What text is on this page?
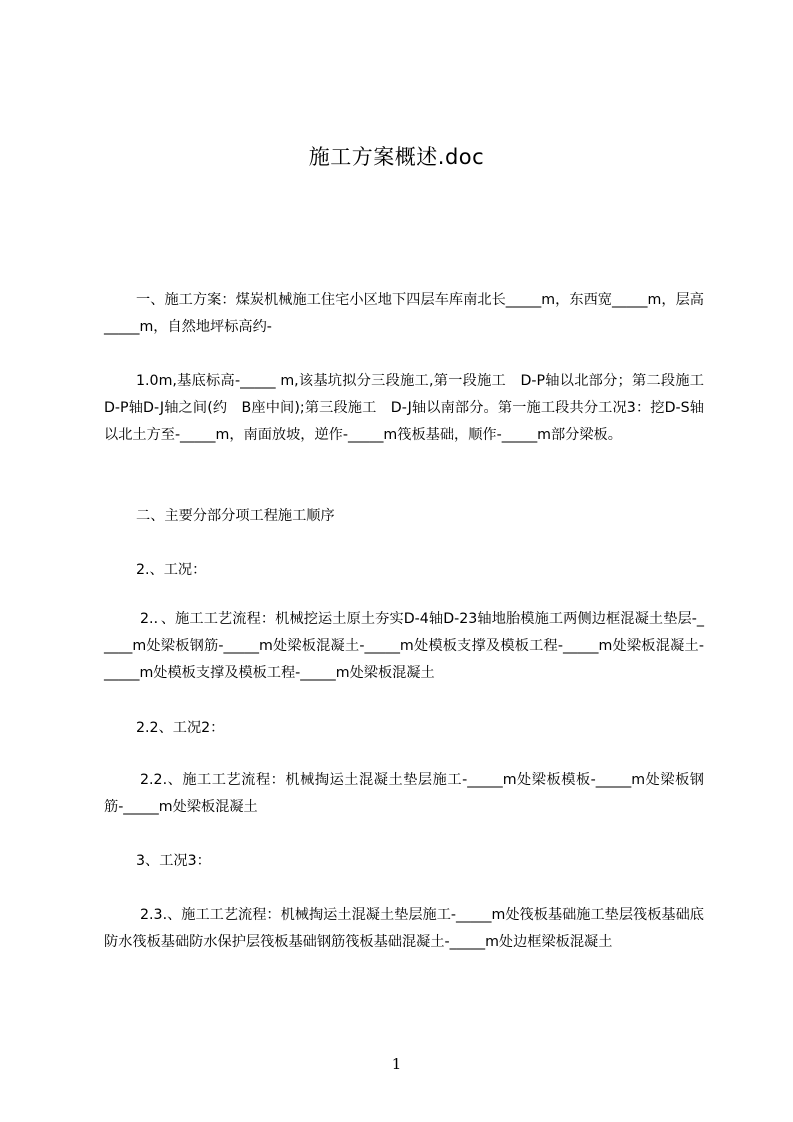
施工方案概述.doc
一、施工方案：煤炭机械施工住宅小区地下四层车库南北长_____m，东西宽_____m，层高_____m，自然地坪标高约-
1.0m,基底标高-_____ m,该基坑拟分三段施工,第一段施工　D-P轴以北部分；第二段施工D-P轴D-J轴之间(约　B座中间);第三段施工　D-J轴以南部分。第一施工段共分工况3：挖D-S轴以北土方至-_____m，南面放坡，逆作-_____m筏板基础，顺作-_____m部分梁板。
二、主要分部分项工程施工顺序
2.、工况：
2.．、施工工艺流程：机械挖运土原土夯实D-4轴D-23轴地胎模施工两侧边框混凝土垫层-_____m处梁板钢筋-_____m处梁板混凝土-_____m处模板支撑及模板工程-_____m处梁板混凝土-_____m处模板支撑及模板工程-_____m处梁板混凝土
2.2、工况2：
2.2.、施工工艺流程：机械掏运土混凝土垫层施工-_____m处梁板模板-_____m处梁板钢筋-_____m处梁板混凝土
3、工况3：
2.3.、施工工艺流程：机械掏运土混凝土垫层施工-_____m处筏板基础施工垫层筏板基础底防水筏板基础防水保护层筏板基础钢筋筏板基础混凝土-_____m处边框梁板混凝土
1
